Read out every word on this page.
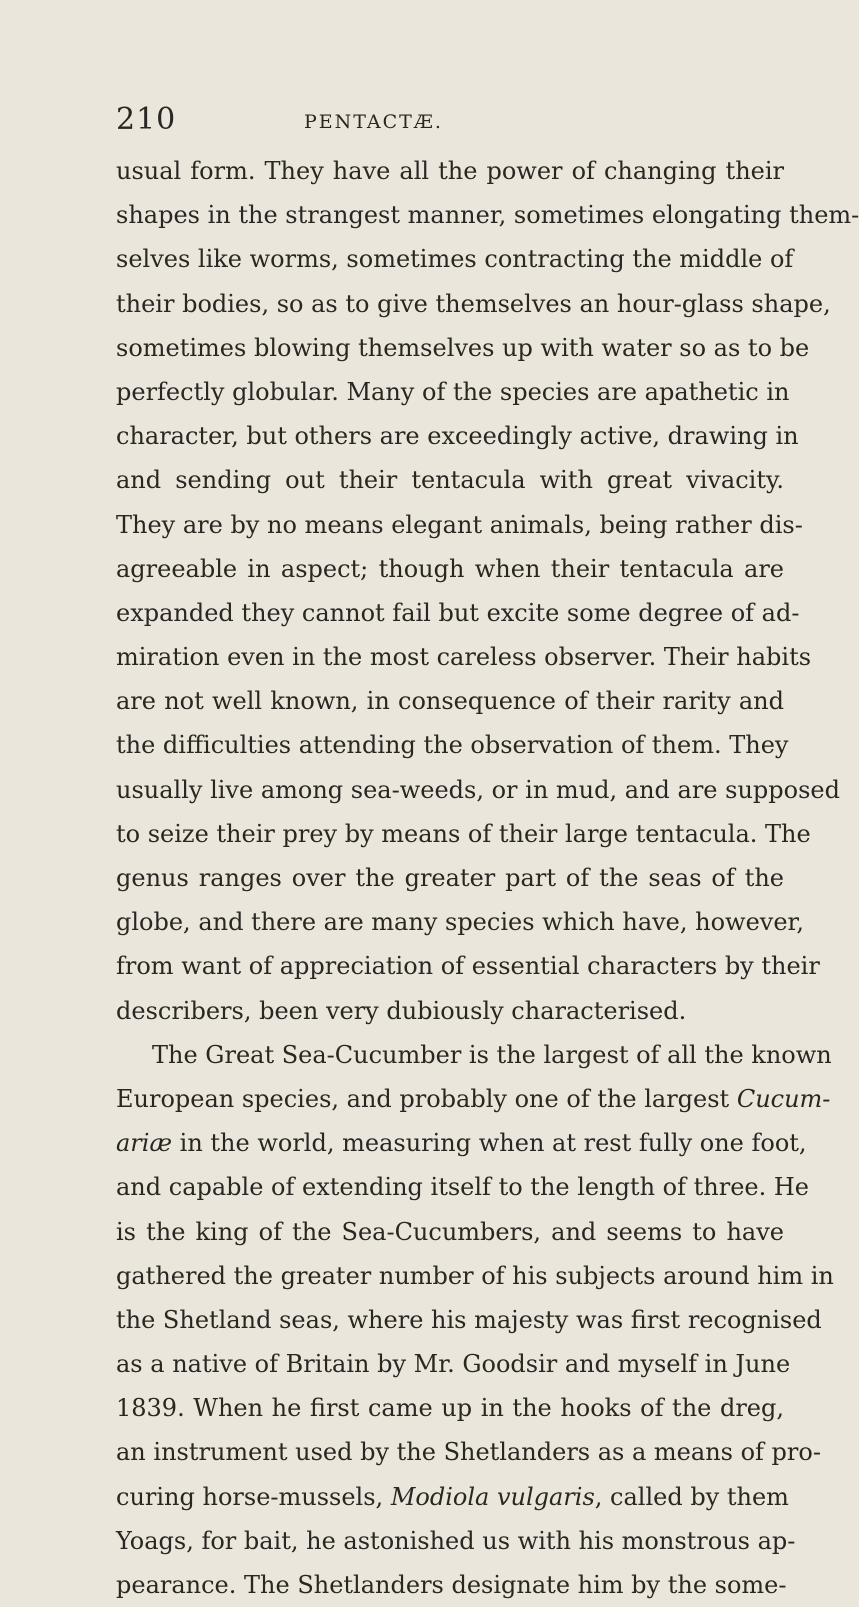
210	PENTACTÆ.
usual form. They have all the power of changing their
shapes in the strangest manner, sometimes elongating them-
selves like worms, sometimes contracting the middle of
their bodies, so as to give themselves an hour-glass shape,
sometimes blowing themselves up with water so as to be
perfectly globular. Many of the species are apathetic in
character, but others are exceedingly active, drawing in
and sending out their tentacula with great vivacity.
They are by no means elegant animals, being rather dis-
agreeable in aspect; though when their tentacula are
expanded they cannot fail but excite some degree of ad-
miration even in the most careless observer. Their habits
are not well known, in consequence of their rarity and
the difficulties attending the observation of them. They
usually live among sea-weeds, or in mud, and are supposed
to seize their prey by means of their large tentacula. The
genus ranges over the greater part of the seas of the
globe, and there are many species which have, however,
from want of appreciation of essential characters by their
describers, been very dubiously characterised.
The Great Sea-Cucumber is the largest of all the known
European species, and probably one of the largest Cucum-
ariæ in the world, measuring when at rest fully one foot,
and capable of extending itself to the length of three. He
is the king of the Sea-Cucumbers, and seems to have
gathered the greater number of his subjects around him in
the Shetland seas, where his majesty was first recognised
as a native of Britain by Mr. Goodsir and myself in June
1839. When he first came up in the hooks of the dreg,
an instrument used by the Shetlanders as a means of pro-
curing horse-mussels, Modiola vulgaris, called by them
Yoags, for bait, he astonished us with his monstrous ap-
pearance. The Shetlanders designate him by the some-
